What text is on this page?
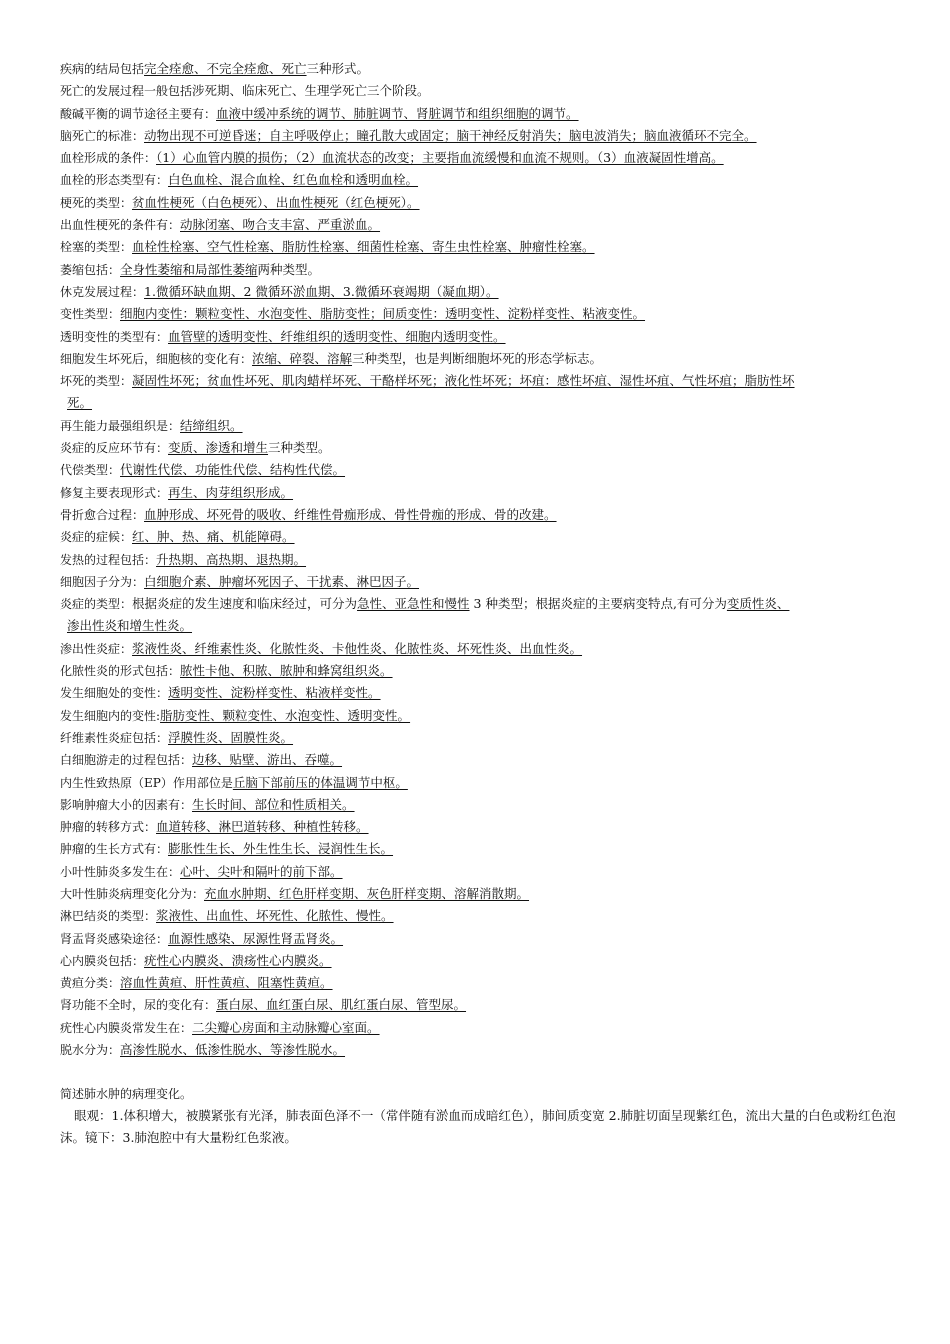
疾病的结局包括完全痊愈、不完全痊愈、死亡三种形式。
死亡的发展过程一般包括涉死期、临床死亡、生理学死亡三个阶段。
酸碱平衡的调节途径主要有：血液中缓冲系统的调节、肺脏调节、肾脏调节和组织细胞的调节。
脑死亡的标准：动物出现不可逆昏迷；自主呼吸停止；瞳孔散大或固定；脑干神经反射消失；脑电波消失；脑血液循环不完全。
血栓形成的条件：（1）心血管内膜的损伤；（2）血流状态的改变；主要指血流缓慢和血流不规则。（3）血液凝固性增高。
血栓的形态类型有：白色血栓、混合血栓、红色血栓和透明血栓。
梗死的类型：贫血性梗死（白色梗死）、出血性梗死（红色梗死）。
出血性梗死的条件有：动脉闭塞、吻合支丰富、严重淤血。
栓塞的类型：血栓性栓塞、空气性栓塞、脂肪性栓塞、细菌性栓塞、寄生虫性栓塞、肿瘤性栓塞。
萎缩包括：全身性萎缩和局部性萎缩两种类型。
休克发展过程：1.微循环缺血期、2 微循环淤血期、3.微循环衰竭期（凝血期）。
变性类型：细胞内变性：颗粒变性、水泡变性、脂肪变性；间质变性：透明变性、淀粉样变性、粘液变性。
透明变性的类型有：血管壁的透明变性、纤维组织的透明变性、细胞内透明变性。
细胞发生坏死后，细胞核的变化有：浓缩、碎裂、溶解三种类型，也是判断细胞坏死的形态学标志。
坏死的类型：凝固性坏死；贫血性坏死、肌肉蜡样坏死、干酪样坏死；液化性坏死；坏疽：感性坏疽、湿性坏疽、气性坏疽；脂肪性坏
死。
再生能力最强组织是：结缔组织。
炎症的反应环节有：变质、渗透和增生三种类型。
代偿类型：代谢性代偿、功能性代偿、结构性代偿。
修复主要表现形式：再生、肉芽组织形成。
骨折愈合过程：血肿形成、坏死骨的吸收、纤维性骨痂形成、骨性骨痂的形成、骨的改建。
炎症的症候：红、肿、热、痛、机能障碍。
发热的过程包括：升热期、高热期、退热期。
细胞因子分为：白细胞介素、肿瘤坏死因子、干扰素、淋巴因子。
炎症的类型：根据炎症的发生速度和临床经过，可分为急性、亚急性和慢性 3 种类型；根据炎症的主要病变特点,有可分为变质性炎、
渗出性炎和增生性炎。
渗出性炎症：浆液性炎、纤维素性炎、化脓性炎、卡他性炎、化脓性炎、坏死性炎、出血性炎。
化脓性炎的形式包括：脓性卡他、积脓、脓肿和蜂窝组织炎。
发生细胞处的变性：透明变性、淀粉样变性、粘液样变性。
发生细胞内的变性:脂肪变性、颗粒变性、水泡变性、透明变性。
纤维素性炎症包括：浮膜性炎、固膜性炎。
白细胞游走的过程包括：边移、贴壁、游出、吞噬。
内生性致热原（EP）作用部位是丘脑下部前压的体温调节中枢。
影响肿瘤大小的因素有：生长时间、部位和性质相关。
肿瘤的转移方式：血道转移、淋巴道转移、种植性转移。
肿瘤的生长方式有：膨胀性生长、外生性生长、浸润性生长。
小叶性肺炎多发生在：心叶、尖叶和隔叶的前下部。
大叶性肺炎病理变化分为：充血水肿期、红色肝样变期、灰色肝样变期、溶解消散期。
淋巴结炎的类型：浆液性、出血性、坏死性、化脓性、慢性。
肾盂肾炎感染途径：血源性感染、尿源性肾盂肾炎。
心内膜炎包括：疣性心内膜炎、溃疡性心内膜炎。
黄疸分类：溶血性黄疸、肝性黄疸、阻塞性黄疸。
肾功能不全时，尿的变化有：蛋白尿、血红蛋白尿、肌红蛋白尿、管型尿。
疣性心内膜炎常发生在：二尖瓣心房面和主动脉瓣心室面。
脱水分为：高渗性脱水、低渗性脱水、等渗性脱水。
简述肺水肿的病理变化。
眼观：1.体积增大，被膜紧张有光泽，肺表面色泽不一（常伴随有淤血而成暗红色），肺间质变宽 2.肺脏切面呈现紫红色，流出大量的白色或粉红色泡沫。镜下：3.肺泡腔中有大量粉红色浆液。
